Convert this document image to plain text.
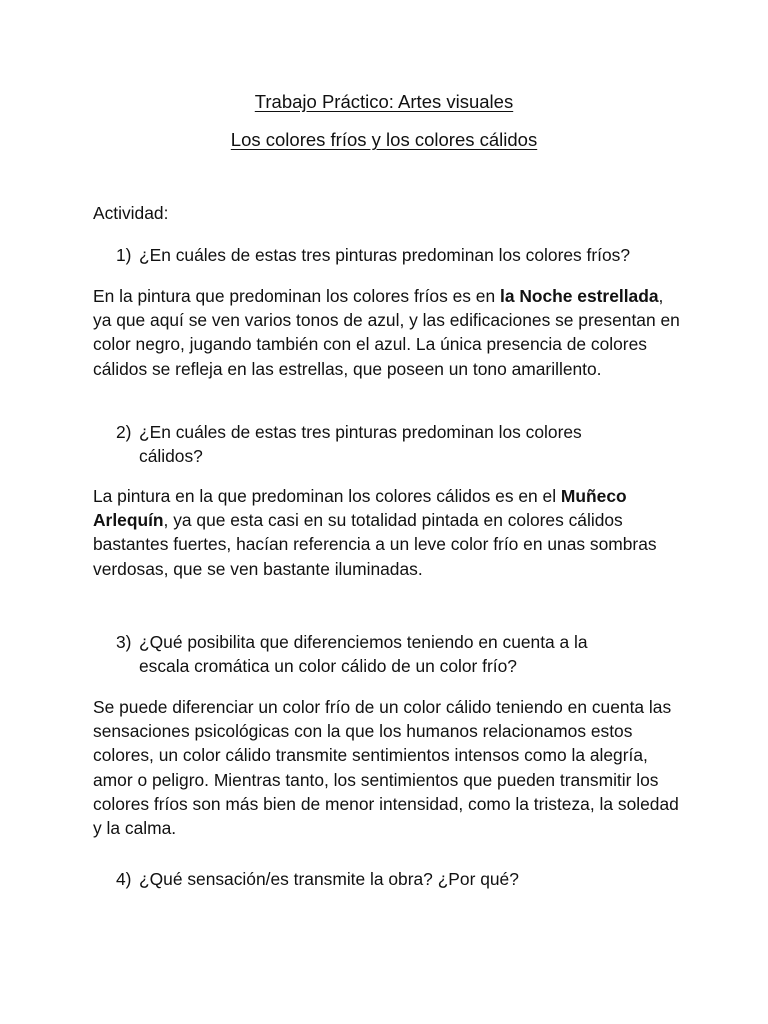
Trabajo Práctico: Artes visuales
Los colores fríos y los colores cálidos
Actividad:
1) ¿En cuáles de estas tres pinturas predominan los colores fríos?

En la pintura que predominan los colores fríos es en la Noche estrellada, ya que aquí se ven varios tonos de azul, y las edificaciones se presentan en color negro, jugando también con el azul. La única presencia de colores cálidos se refleja en las estrellas, que poseen un tono amarillento.

2) ¿En cuáles de estas tres pinturas predominan los colores cálidos?

La pintura en la que predominan los colores cálidos es en el Muñeco Arlequín, ya que esta casi en su totalidad pintada en colores cálidos bastantes fuertes, hacían referencia a un leve color frío en unas sombras verdosas, que se ven bastante iluminadas.

3) ¿Qué posibilita que diferenciemos teniendo en cuenta a la escala cromática un color cálido de un color frío?

Se puede diferenciar un color frío de un color cálido teniendo en cuenta las sensaciones psicológicas con la que los humanos relacionamos estos colores, un color cálido transmite sentimientos intensos como la alegría, amor o peligro. Mientras tanto, los sentimientos que pueden transmitir los colores fríos son más bien de menor intensidad, como la tristeza, la soledad y la calma.

4) ¿Qué sensación/es transmite la obra? ¿Por qué?
